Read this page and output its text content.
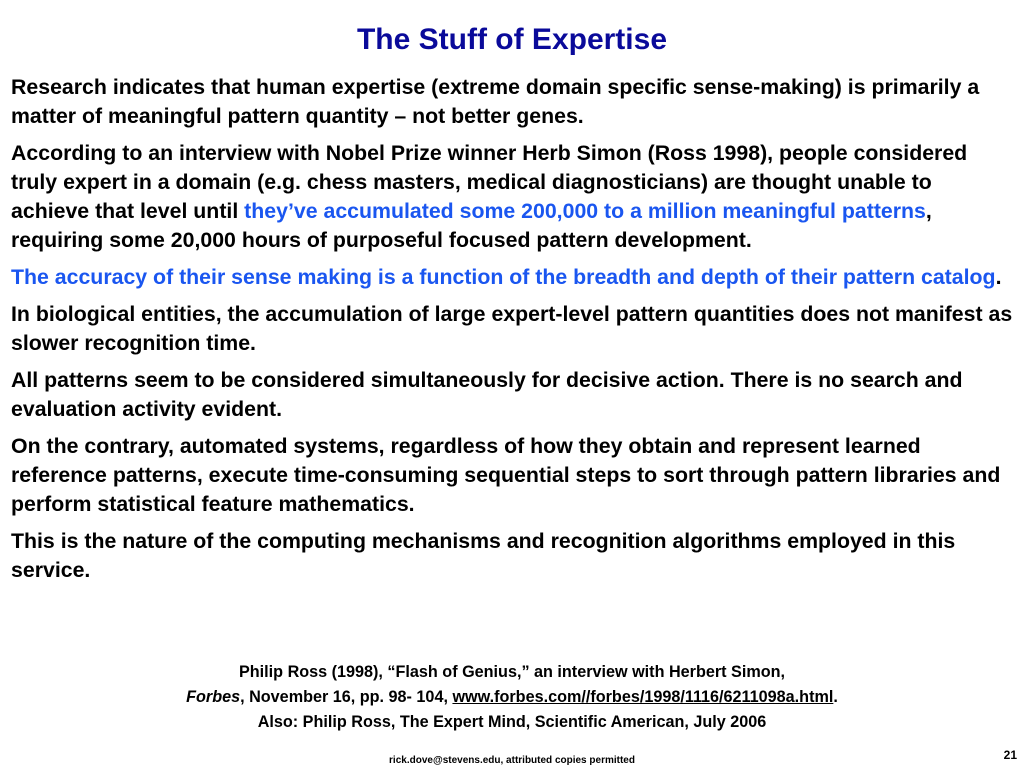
The Stuff of Expertise

Research indicates that human expertise (extreme domain specific sense-making) is primarily a matter of meaningful pattern quantity – not better genes.

According to an interview with Nobel Prize winner Herb Simon (Ross 1998), people considered truly expert in a domain (e.g. chess masters, medical diagnosticians) are thought unable to achieve that level until they’ve accumulated some 200,000 to a million meaningful patterns, requiring some 20,000 hours of purposeful focused pattern development.

The accuracy of their sense making is a function of the breadth and depth of their pattern catalog.

In biological entities, the accumulation of large expert-level pattern quantities does not manifest as slower recognition time.

All patterns seem to be considered simultaneously for decisive action. There is no search and evaluation activity evident.

On the contrary, automated systems, regardless of how they obtain and represent learned reference patterns, execute time-consuming sequential steps to sort through pattern libraries and perform statistical feature mathematics.

This is the nature of the computing mechanisms and recognition algorithms employed in this service.

Philip Ross (1998), “Flash of Genius,” an interview with Herbert Simon,
Forbes, November 16, pp. 98- 104, www.forbes.com//forbes/1998/1116/6211098a.html.
Also: Philip Ross, The Expert Mind, Scientific American, July 2006
rick.dove@stevens.edu, attributed copies permitted	21
